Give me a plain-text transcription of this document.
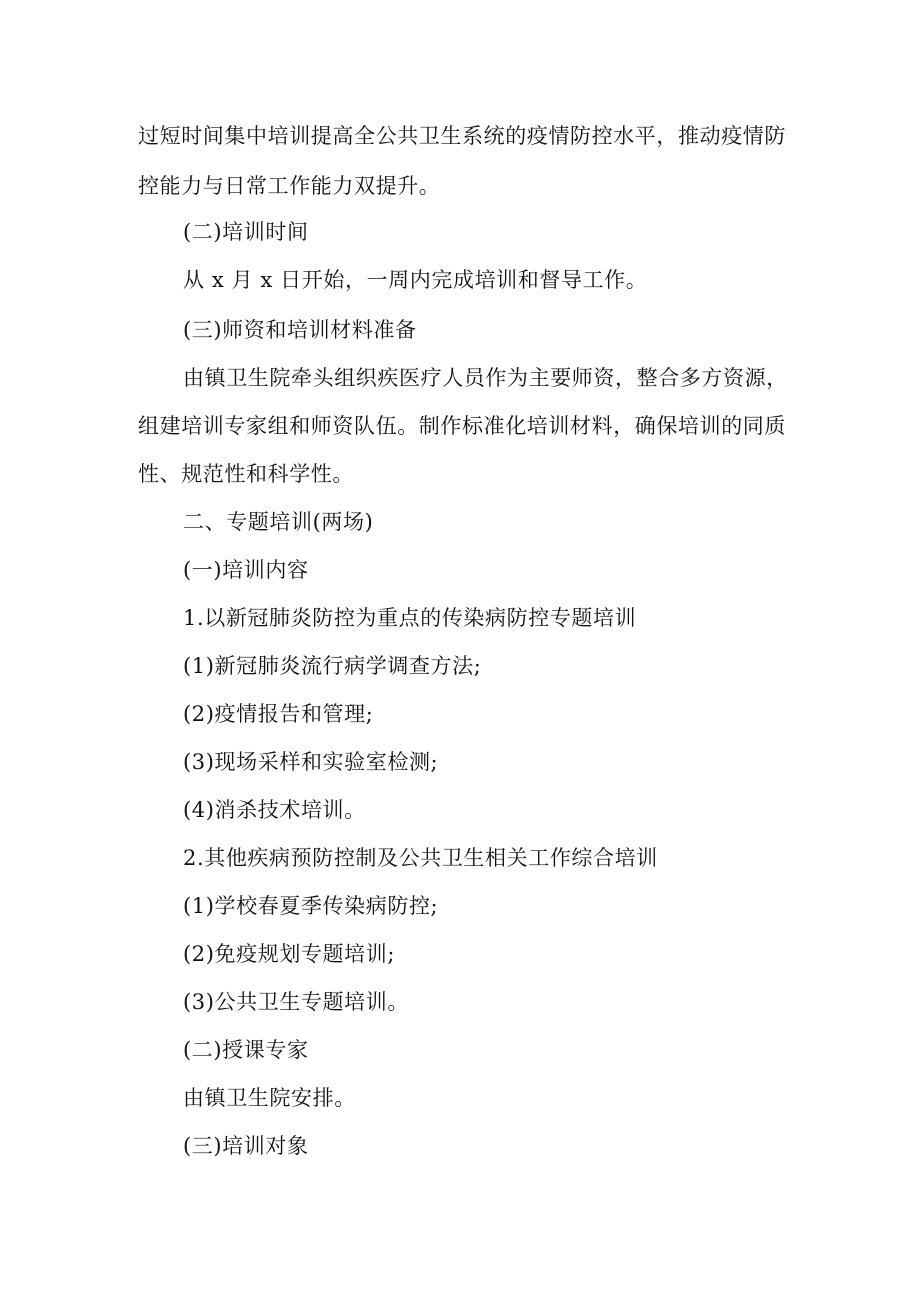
过短时间集中培训提高全公共卫生系统的疫情防控水平，推动疫情防
控能力与日常工作能力双提升。
(二)培训时间
从 x 月 x 日开始，一周内完成培训和督导工作。
(三)师资和培训材料准备
由镇卫生院牵头组织疾医疗人员作为主要师资，整合多方资源，
组建培训专家组和师资队伍。制作标准化培训材料，确保培训的同质
性、规范性和科学性。
二、专题培训(两场)
(一)培训内容
1.以新冠肺炎防控为重点的传染病防控专题培训
(1)新冠肺炎流行病学调查方法;
(2)疫情报告和管理;
(3)现场采样和实验室检测;
(4)消杀技术培训。
2.其他疾病预防控制及公共卫生相关工作综合培训
(1)学校春夏季传染病防控;
(2)免疫规划专题培训;
(3)公共卫生专题培训。
(二)授课专家
由镇卫生院安排。
(三)培训对象
